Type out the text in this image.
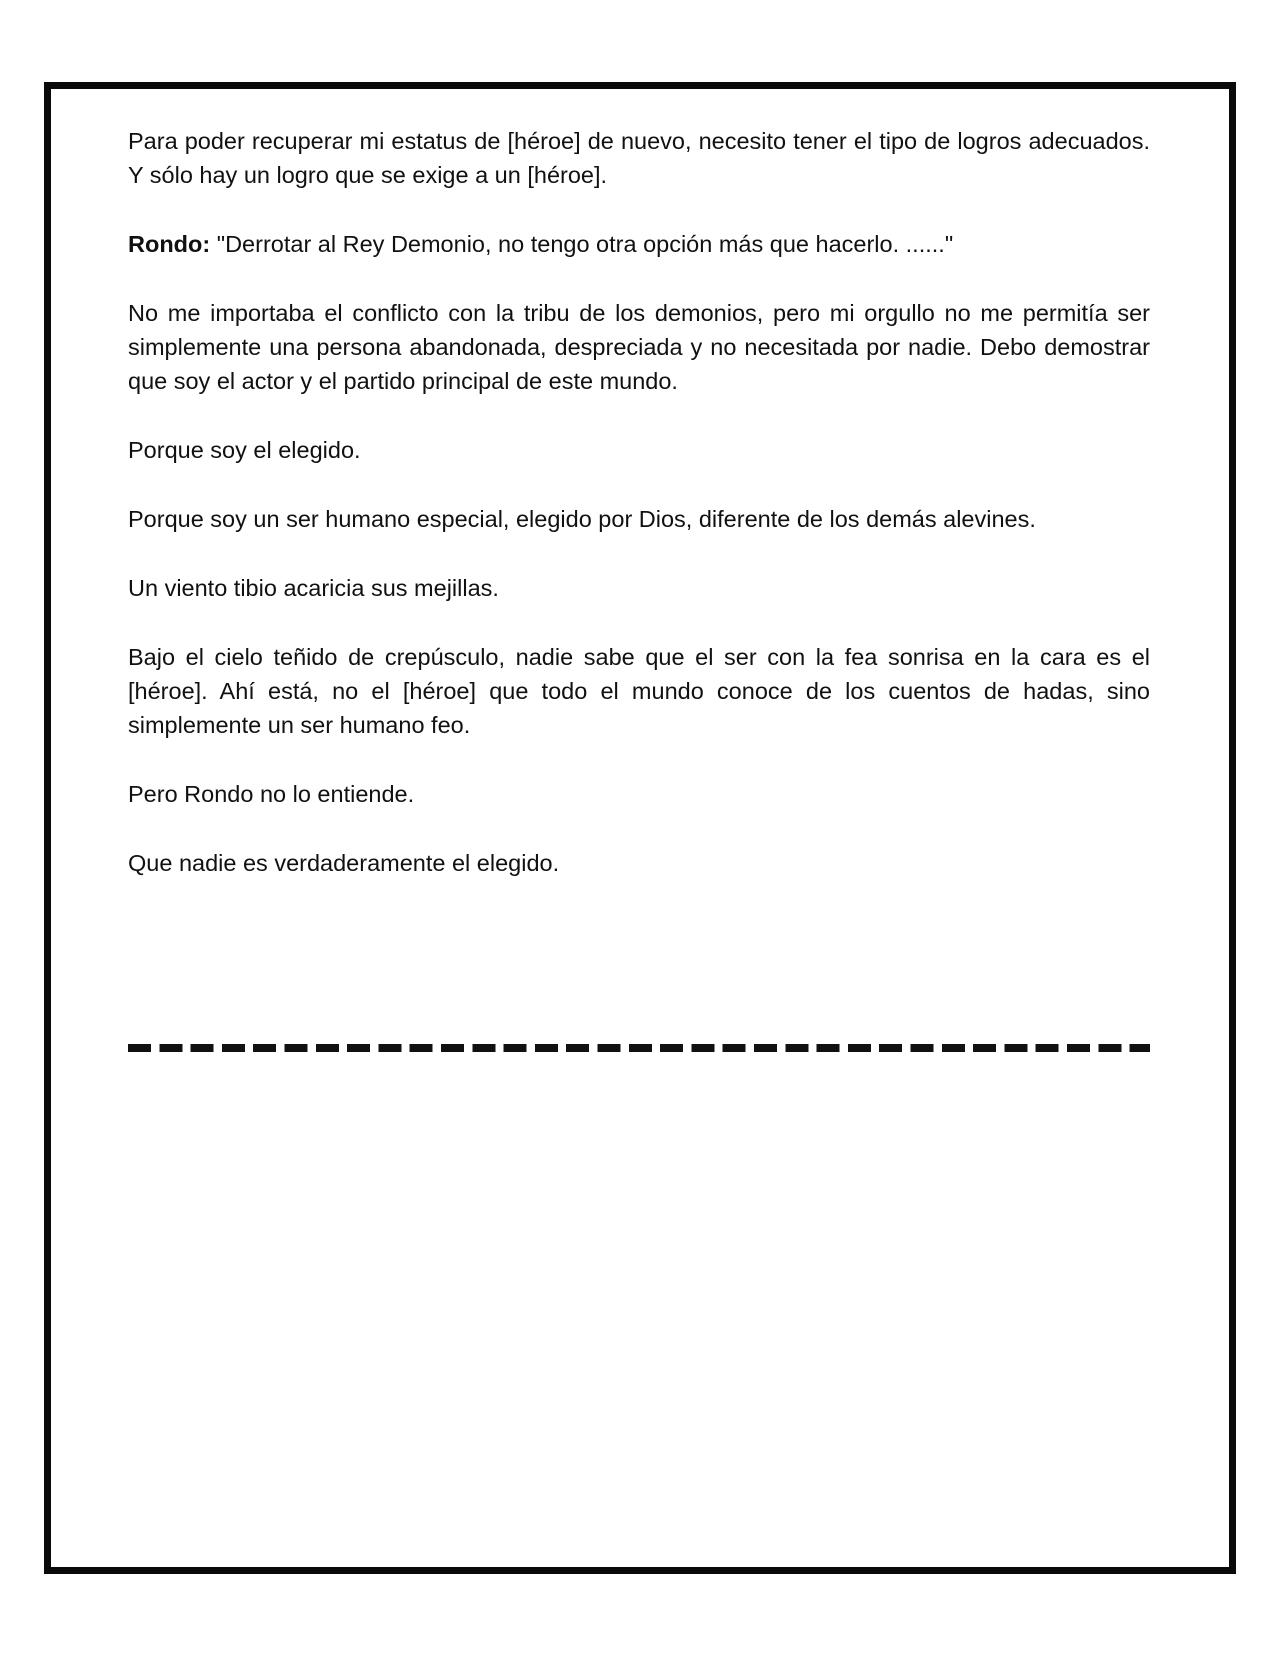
Para poder recuperar mi estatus de [héroe] de nuevo, necesito tener el tipo de logros adecuados. Y sólo hay un logro que se exige a un [héroe].

Rondo: "Derrotar al Rey Demonio, no tengo otra opción más que hacerlo. ......"

No me importaba el conflicto con la tribu de los demonios, pero mi orgullo no me permitía ser simplemente una persona abandonada, despreciada y no necesitada por nadie. Debo demostrar que soy el actor y el partido principal de este mundo.

Porque soy el elegido.

Porque soy un ser humano especial, elegido por Dios, diferente de los demás alevines.

Un viento tibio acaricia sus mejillas.

Bajo el cielo teñido de crepúsculo, nadie sabe que el ser con la fea sonrisa en la cara es el [héroe]. Ahí está, no el [héroe] que todo el mundo conoce de los cuentos de hadas, sino simplemente un ser humano feo.

Pero Rondo no lo entiende.

Que nadie es verdaderamente el elegido.
